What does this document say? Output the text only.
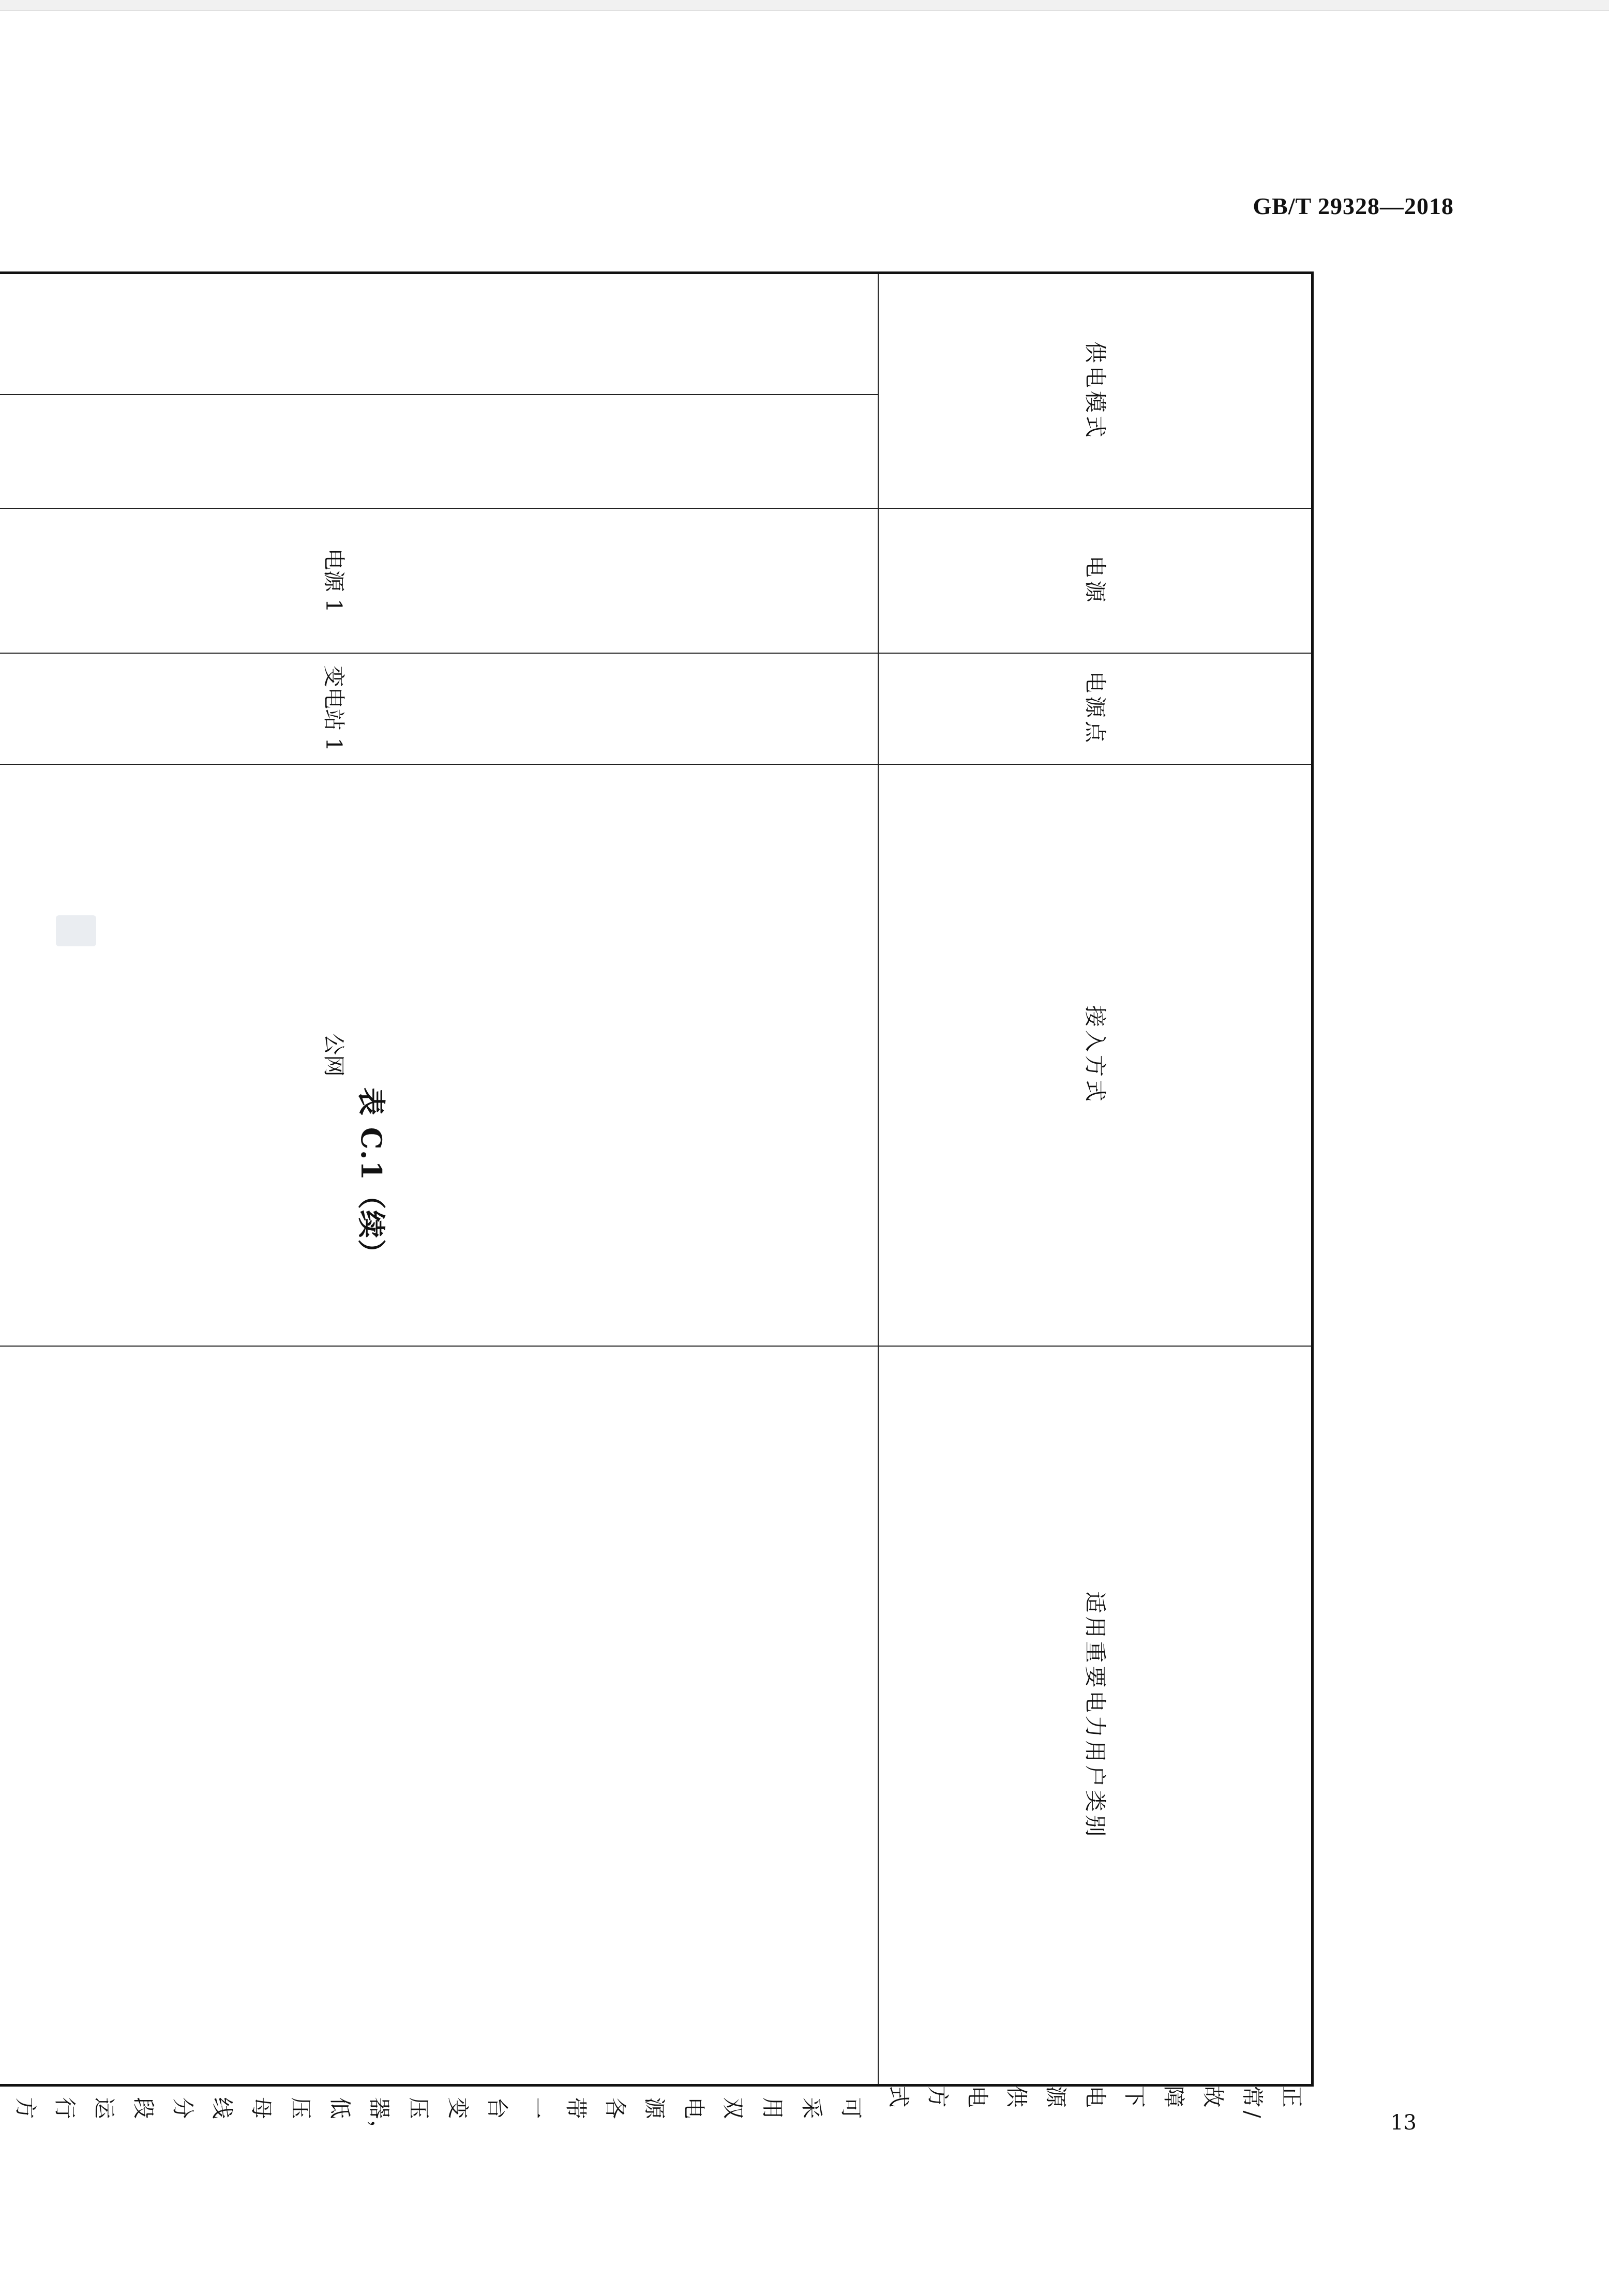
GB/T 29328—2018
供电模式		电源	电源点	接入方式	适用重要电力用户类别	正常/故障下电源供电方式

		电源 1	变电站 1	公网		可采用双电源各带一台变压器，低压母线分段运行方

表 C.1（续）
13
